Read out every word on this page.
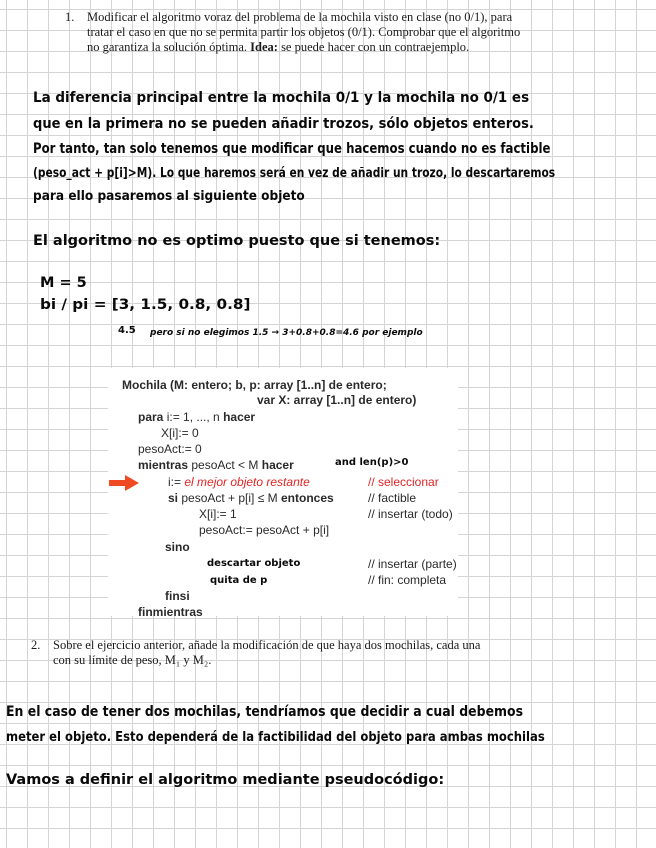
1. Modificar el algoritmo voraz del problema de la mochila visto en clase (no 0/1), para
tratar el caso en que no se permita partir los objetos (0/1). Comprobar que el algoritmo
no garantiza la solución óptima. Idea: se puede hacer con un contraejemplo.
La diferencia principal entre la mochila 0/1 y la mochila no 0/1 es
que en la primera no se pueden añadir trozos, sólo objetos enteros.
Por tanto, tan solo tenemos que modificar que hacemos cuando no es factible
(peso_act + p[i]>M). Lo que haremos será en vez de añadir un trozo, lo descartaremos
para ello pasaremos al siguiente objeto
El algoritmo no es optimo puesto que si tenemos:
M = 5
bi / pi = [3, 1.5, 0.8, 0.8]
4.5 pero si no elegimos 1.5 → 3+0.8+0.8=4.6 por ejemplo
Mochila (M: entero; b, p: array [1..n] de entero;
var X: array [1..n] de entero)
para i:= 1, ..., n hacer
X[i]:= 0
pesoAct:= 0
mientras pesoAct < M hacer	and len(p)>0
i:= el mejor objeto restante	// seleccionar
si pesoAct + p[i] ≤ M entonces	// factible
X[i]:= 1	// insertar (todo)
pesoAct:= pesoAct + p[i]
sino
descartar objeto	// insertar (parte)
quita de p	// fin: completa
finsi
finmientras
2. Sobre el ejercicio anterior, añade la modificación de que haya dos mochilas, cada una
con su límite de peso, M₁ y M₂.
En el caso de tener dos mochilas, tendríamos que decidir a cual debemos
meter el objeto. Esto dependerá de la factibilidad del objeto para ambas mochilas
Vamos a definir el algoritmo mediante pseudocódigo:
